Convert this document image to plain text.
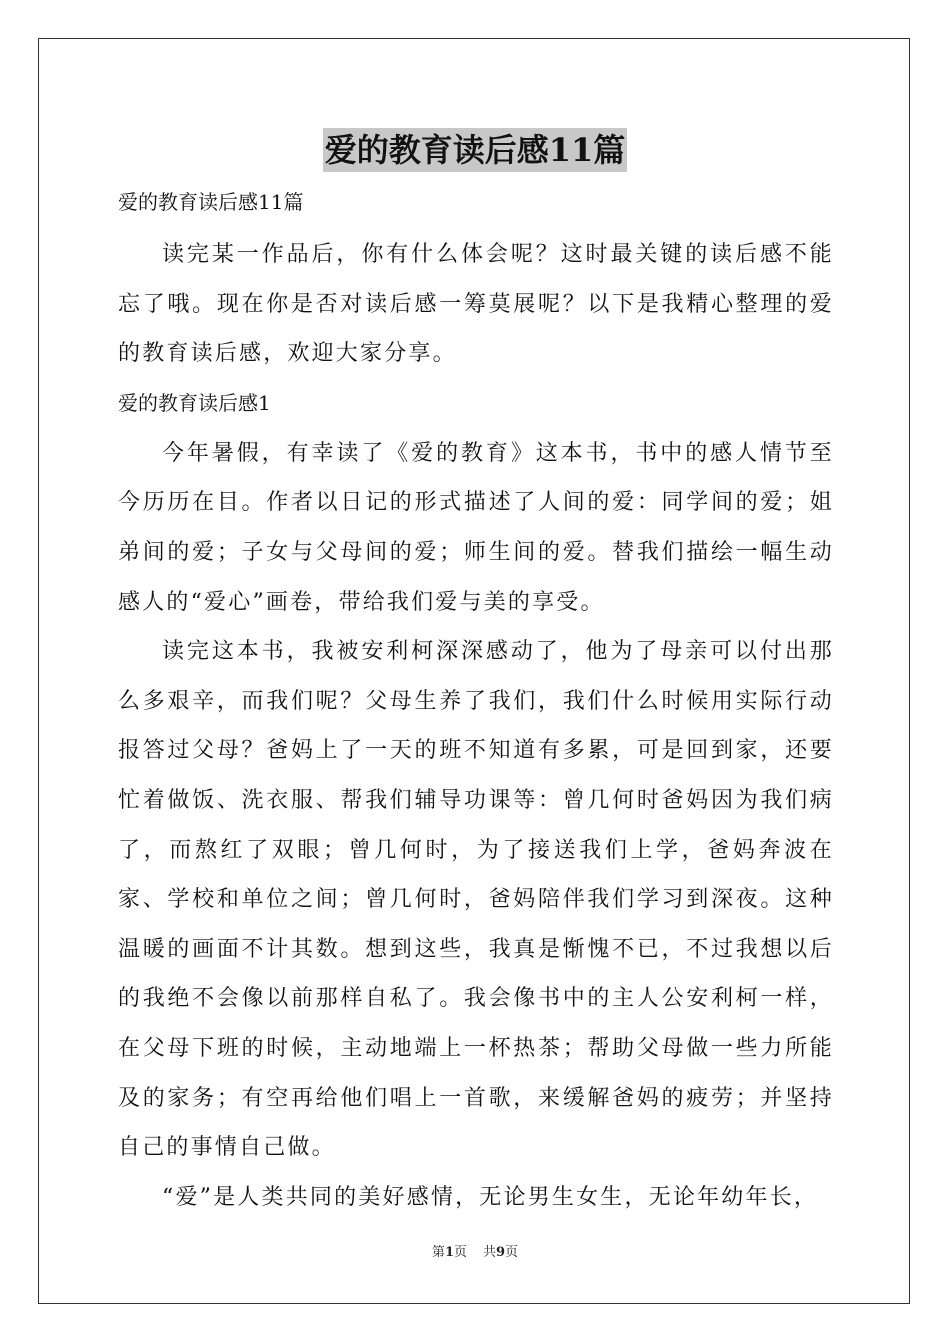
爱的教育读后感11篇

爱的教育读后感11篇

读完某一作品后，你有什么体会呢？这时最关键的读后感不能忘了哦。现在你是否对读后感一筹莫展呢？以下是我精心整理的爱的教育读后感，欢迎大家分享。

爱的教育读后感1

今年暑假，有幸读了《爱的教育》这本书，书中的感人情节至今历历在目。作者以日记的形式描述了人间的爱：同学间的爱；姐弟间的爱；子女与父母间的爱；师生间的爱。替我们描绘一幅生动感人的“爱心”画卷，带给我们爱与美的享受。

读完这本书，我被安利柯深深感动了，他为了母亲可以付出那么多艰辛，而我们呢？父母生养了我们，我们什么时候用实际行动报答过父母？爸妈上了一天的班不知道有多累，可是回到家，还要忙着做饭、洗衣服、帮我们辅导功课等：曾几何时爸妈因为我们病了，而熬红了双眼；曾几何时，为了接送我们上学，爸妈奔波在家、学校和单位之间；曾几何时，爸妈陪伴我们学习到深夜。这种温暖的画面不计其数。想到这些，我真是惭愧不已，不过我想以后的我绝不会像以前那样自私了。我会像书中的主人公安利柯一样，在父母下班的时候，主动地端上一杯热茶；帮助父母做一些力所能及的家务；有空再给他们唱上一首歌，来缓解爸妈的疲劳；并坚持自己的事情自己做。

“爱”是人类共同的美好感情，无论男生女生，无论年幼年长，

第1页 共9页
